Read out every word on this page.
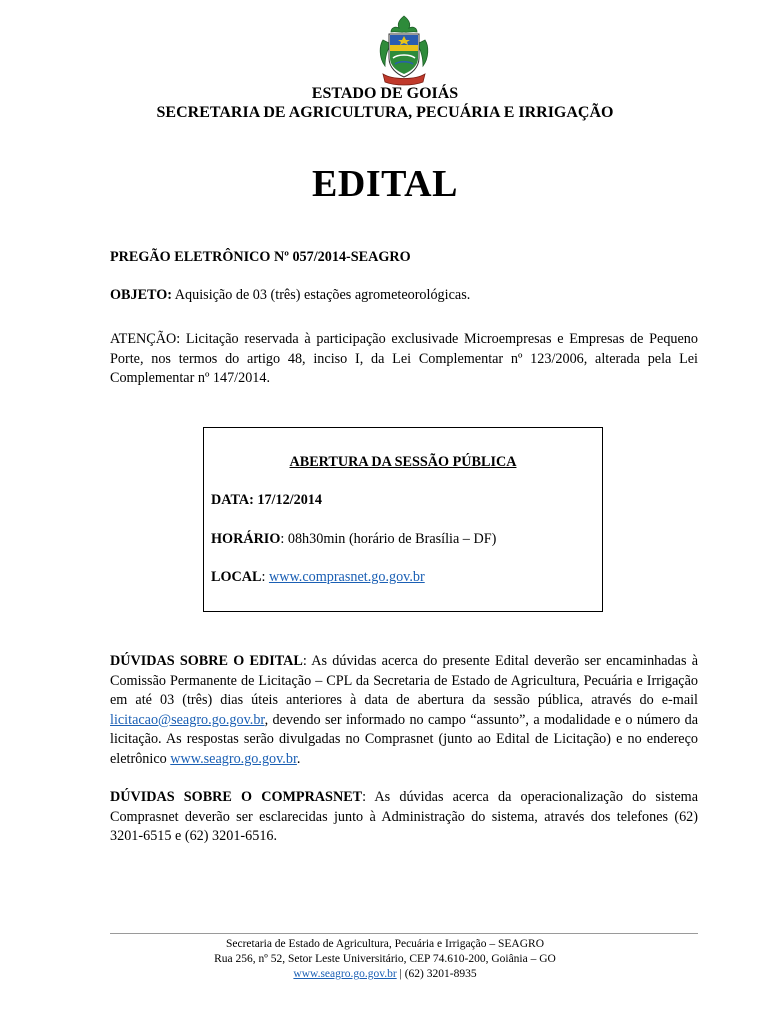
ESTADO DE GOIÁS
SECRETARIA DE AGRICULTURA, PECUÁRIA E IRRIGAÇÃO
EDITAL
PREGÃO ELETRÔNICO Nº 057/2014-SEAGRO
OBJETO: Aquisição de 03 (três) estações agrometeorológicas.
ATENÇÃO: Licitação reservada à participação exclusivade Microempresas e Empresas de Pequeno Porte, nos termos do artigo 48, inciso I, da Lei Complementar nº 123/2006, alterada pela Lei Complementar nº 147/2014.
ABERTURA DA SESSÃO PÚBLICA
DATA: 17/12/2014
HORÁRIO: 08h30min (horário de Brasília – DF)
LOCAL: www.comprasnet.go.gov.br
DÚVIDAS SOBRE O EDITAL: As dúvidas acerca do presente Edital deverão ser encaminhadas à Comissão Permanente de Licitação – CPL da Secretaria de Estado de Agricultura, Pecuária e Irrigação em até 03 (três) dias úteis anteriores à data de abertura da sessão pública, através do e-mail licitacao@seagro.go.gov.br, devendo ser informado no campo “assunto”, a modalidade e o número da licitação. As respostas serão divulgadas no Comprasnet (junto ao Edital de Licitação) e no endereço eletrônico www.seagro.go.gov.br.
DÚVIDAS SOBRE O COMPRASNET: As dúvidas acerca da operacionalização do sistema Comprasnet deverão ser esclarecidas junto à Administração do sistema, através dos telefones (62) 3201-6515 e (62) 3201-6516.
Secretaria de Estado de Agricultura, Pecuária e Irrigação – SEAGRO
Rua 256, nº 52, Setor Leste Universitário, CEP 74.610-200, Goiânia – GO
www.seagro.go.gov.br | (62) 3201-8935
